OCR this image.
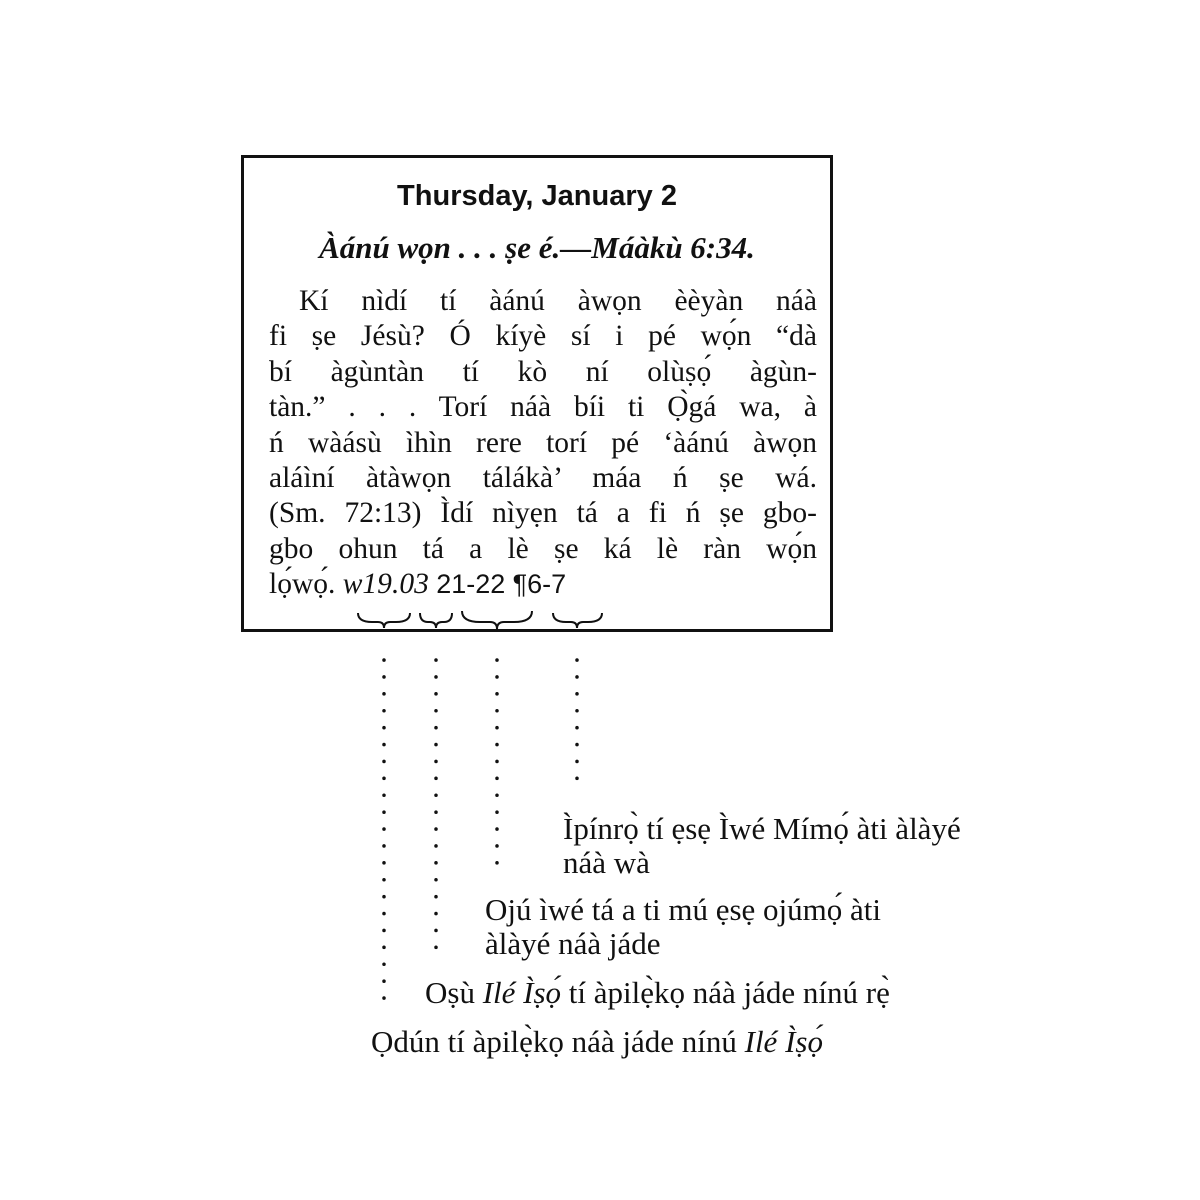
Thursday, January 2
Àánú wọn . . . ṣe é.—Máàkù 6:34.
Kí nìdí tí àánú àwọn èèyàn náà
fi ṣe Jésù? Ó kíyè sí i pé wọ́n “dà
bí àgùntàn tí kò ní olùṣọ́ àgùn-
tàn.” . . . Torí náà bíi ti Ọ̀gá wa, à
ń wàásù ìhìn rere torí pé ‘àánú àwọn
aláìní àtàwọn tálákà’ máa ń ṣe wá.
(Sm. 72:13) Ìdí nìyẹn tá a fi ń ṣe gbo-
gbo ohun tá a lè ṣe ká lè ràn wọ́n
lọ́wọ́. w19.03 21-22 ¶6-7
Ìpínrọ̀ tí ẹsẹ Ìwé Mímọ́ àti àlàyé
náà wà
Ojú ìwé tá a ti mú ẹsẹ ojúmọ́ àti
àlàyé náà jáde
Oṣù Ilé Ìṣọ́ tí àpilẹ̀kọ náà jáde nínú rẹ̀
Ọdún tí àpilẹ̀kọ náà jáde nínú Ilé Ìṣọ́
